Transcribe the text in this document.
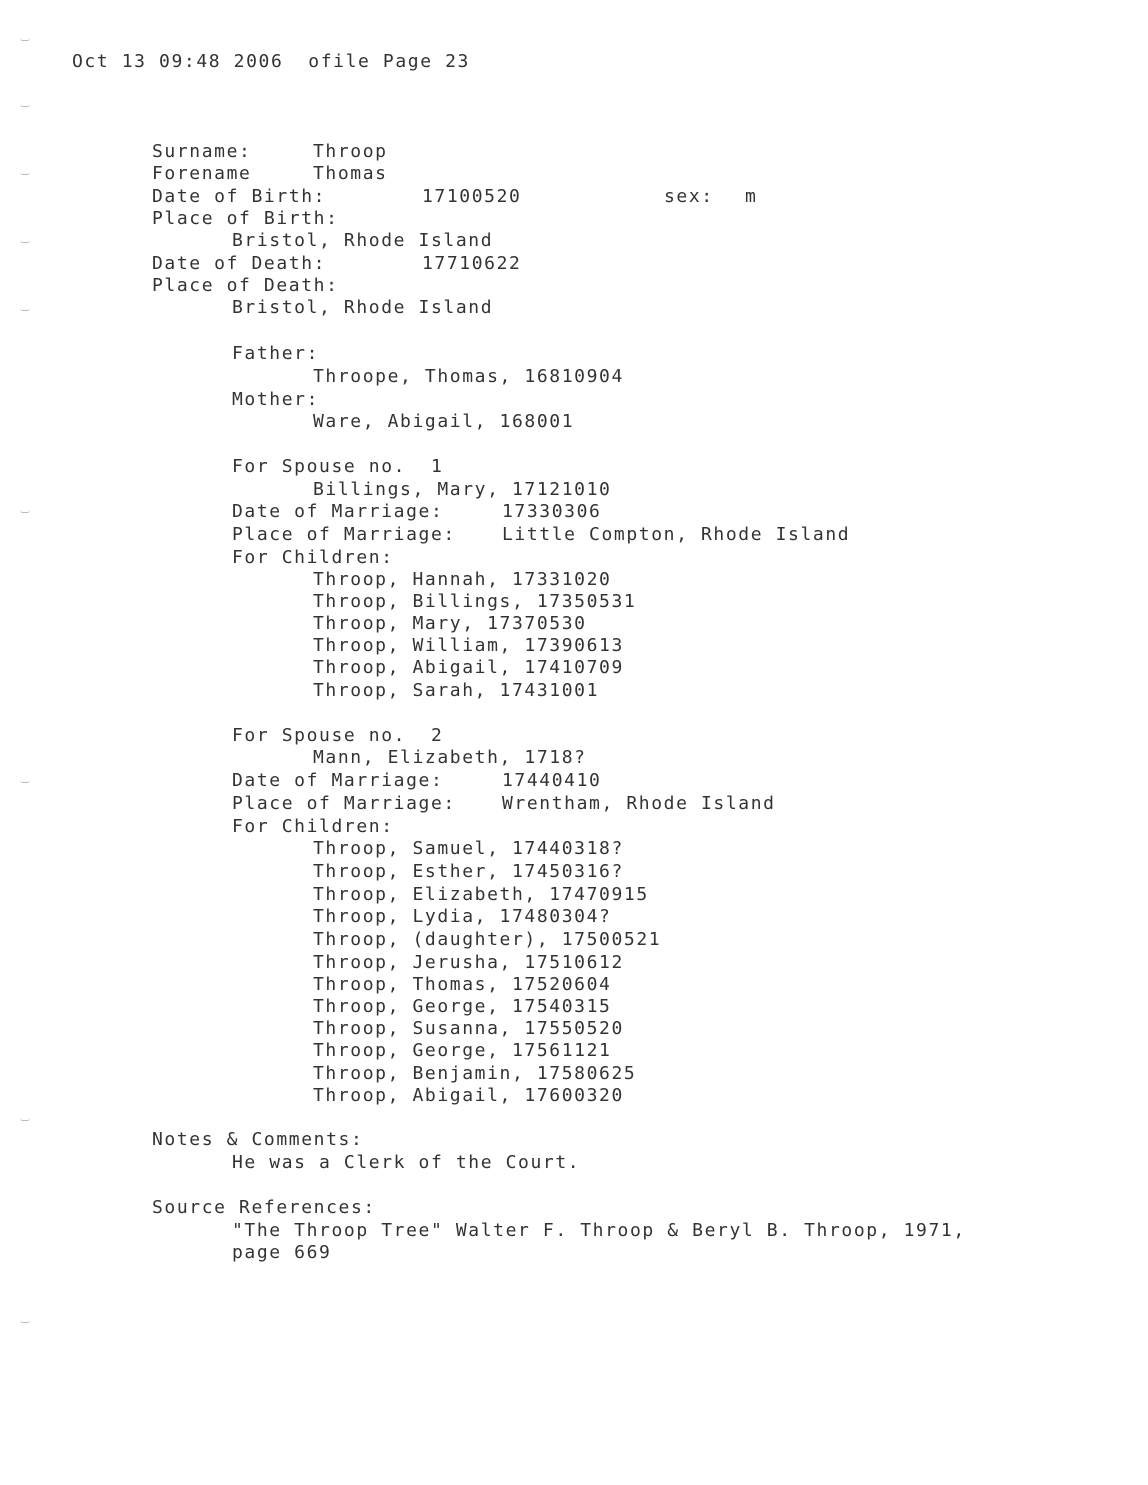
Oct 13 09:48 2006  ofile Page 23
Surname:	Throop
Forename	Thomas
Date of Birth:	17100520	sex: m
Place of Birth:
Bristol, Rhode Island
Date of Death:	17710622
Place of Death:
Bristol, Rhode Island
Father:
Throope, Thomas, 16810904
Mother:
Ware, Abigail, 168001
For Spouse no.  1
Billings, Mary, 17121010
Date of Marriage:	17330306
Place of Marriage:	Little Compton, Rhode Island
For Children:
Throop, Hannah, 17331020
Throop, Billings, 17350531
Throop, Mary, 17370530
Throop, William, 17390613
Throop, Abigail, 17410709
Throop, Sarah, 17431001
For Spouse no.  2
Mann, Elizabeth, 1718?
Date of Marriage:	17440410
Place of Marriage:	Wrentham, Rhode Island
For Children:
Throop, Samuel, 17440318?
Throop, Esther, 17450316?
Throop, Elizabeth, 17470915
Throop, Lydia, 17480304?
Throop, (daughter), 17500521
Throop, Jerusha, 17510612
Throop, Thomas, 17520604
Throop, George, 17540315
Throop, Susanna, 17550520
Throop, George, 17561121
Throop, Benjamin, 17580625
Throop, Abigail, 17600320
Notes & Comments:
He was a Clerk of the Court.
Source References:
"The Throop Tree" Walter F. Throop & Beryl B. Throop, 1971,
page 669
